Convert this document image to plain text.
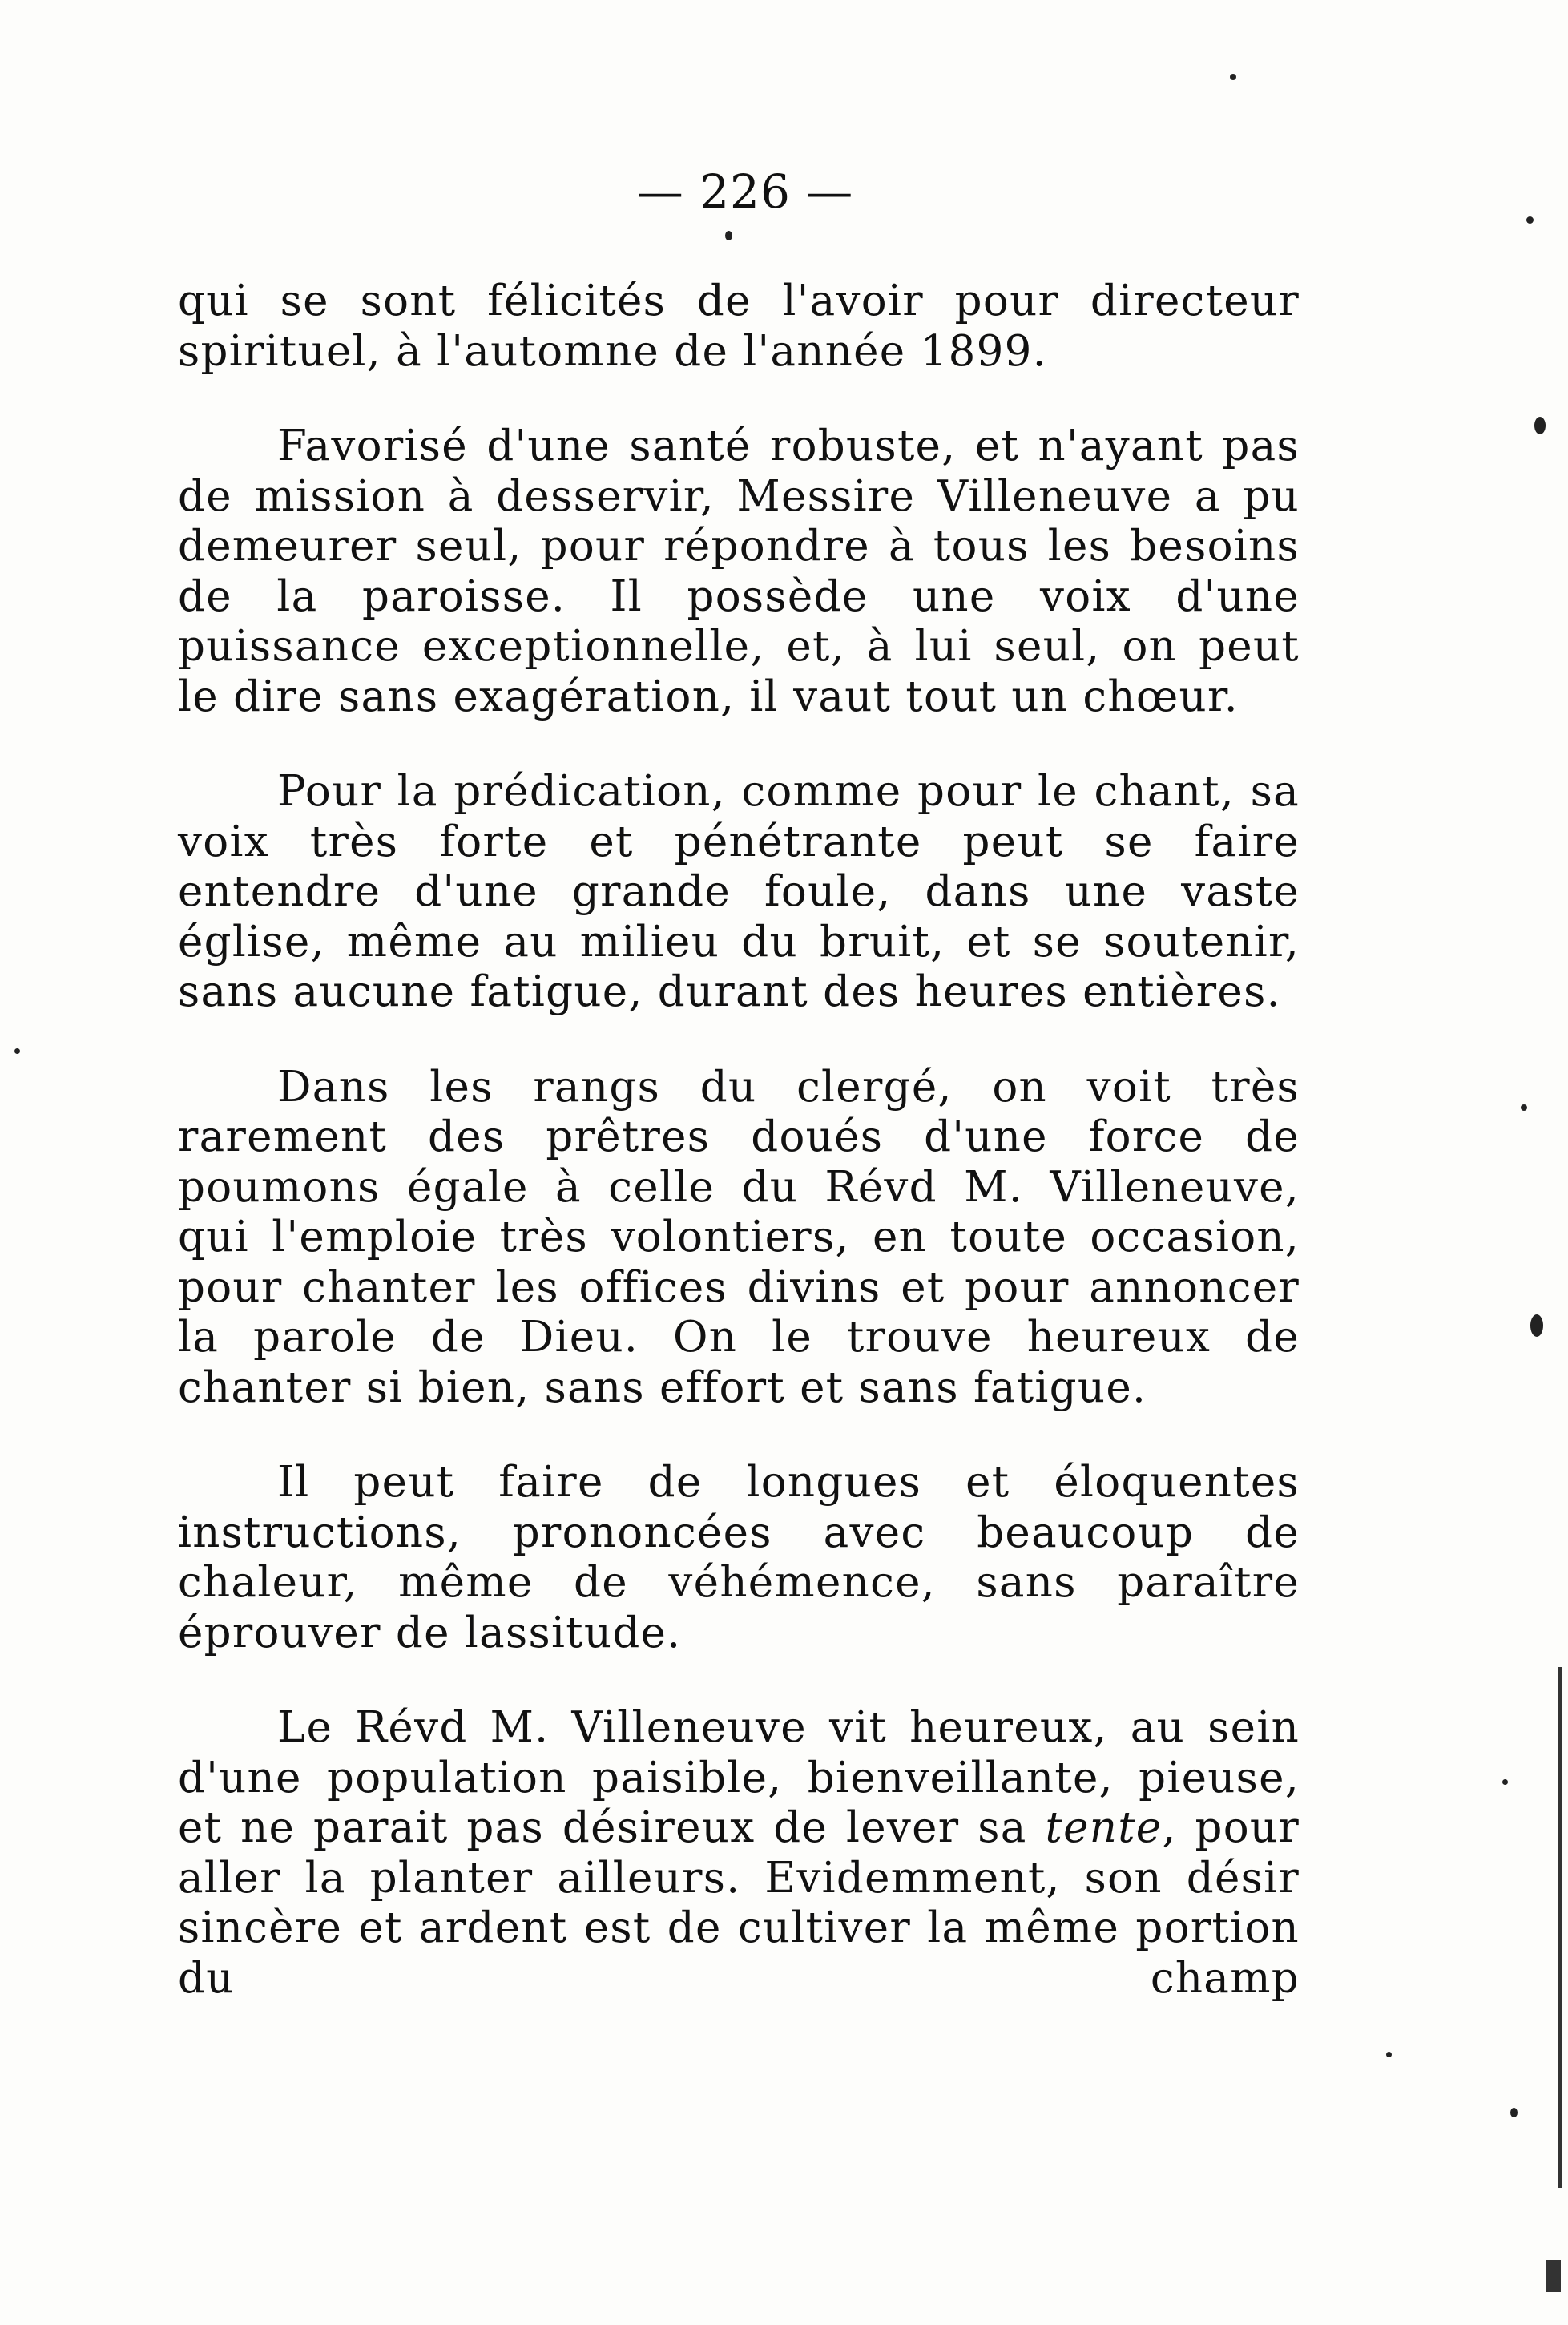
— 226 —

qui se sont félicités de l'avoir pour directeur spirituel, à l'automne de l'année 1899.

Favorisé d'une santé robuste, et n'ayant pas de mission à desservir, Messire Villeneuve a pu demeurer seul, pour répondre à tous les besoins de la paroisse. Il possède une voix d'une puissance exceptionnelle, et, à lui seul, on peut le dire sans exagération, il vaut tout un chœur.

Pour la prédication, comme pour le chant, sa voix très forte et pénétrante peut se faire entendre d'une grande foule, dans une vaste église, même au milieu du bruit, et se soutenir, sans aucune fatigue, durant des heures entières.

Dans les rangs du clergé, on voit très rarement des prêtres doués d'une force de poumons égale à celle du Révd M. Villeneuve, qui l'emploie très volontiers, en toute occasion, pour chanter les offices divins et pour annoncer la parole de Dieu. On le trouve heureux de chanter si bien, sans effort et sans fatigue.

Il peut faire de longues et éloquentes instructions, prononcées avec beaucoup de chaleur, même de véhémence, sans paraître éprouver de lassitude.

Le Révd M. Villeneuve vit heureux, au sein d'une population paisible, bienveillante, pieuse, et ne parait pas désireux de lever sa tente, pour aller la planter ailleurs. Evidemment, son désir sincère et ardent est de cultiver la même portion du champ
